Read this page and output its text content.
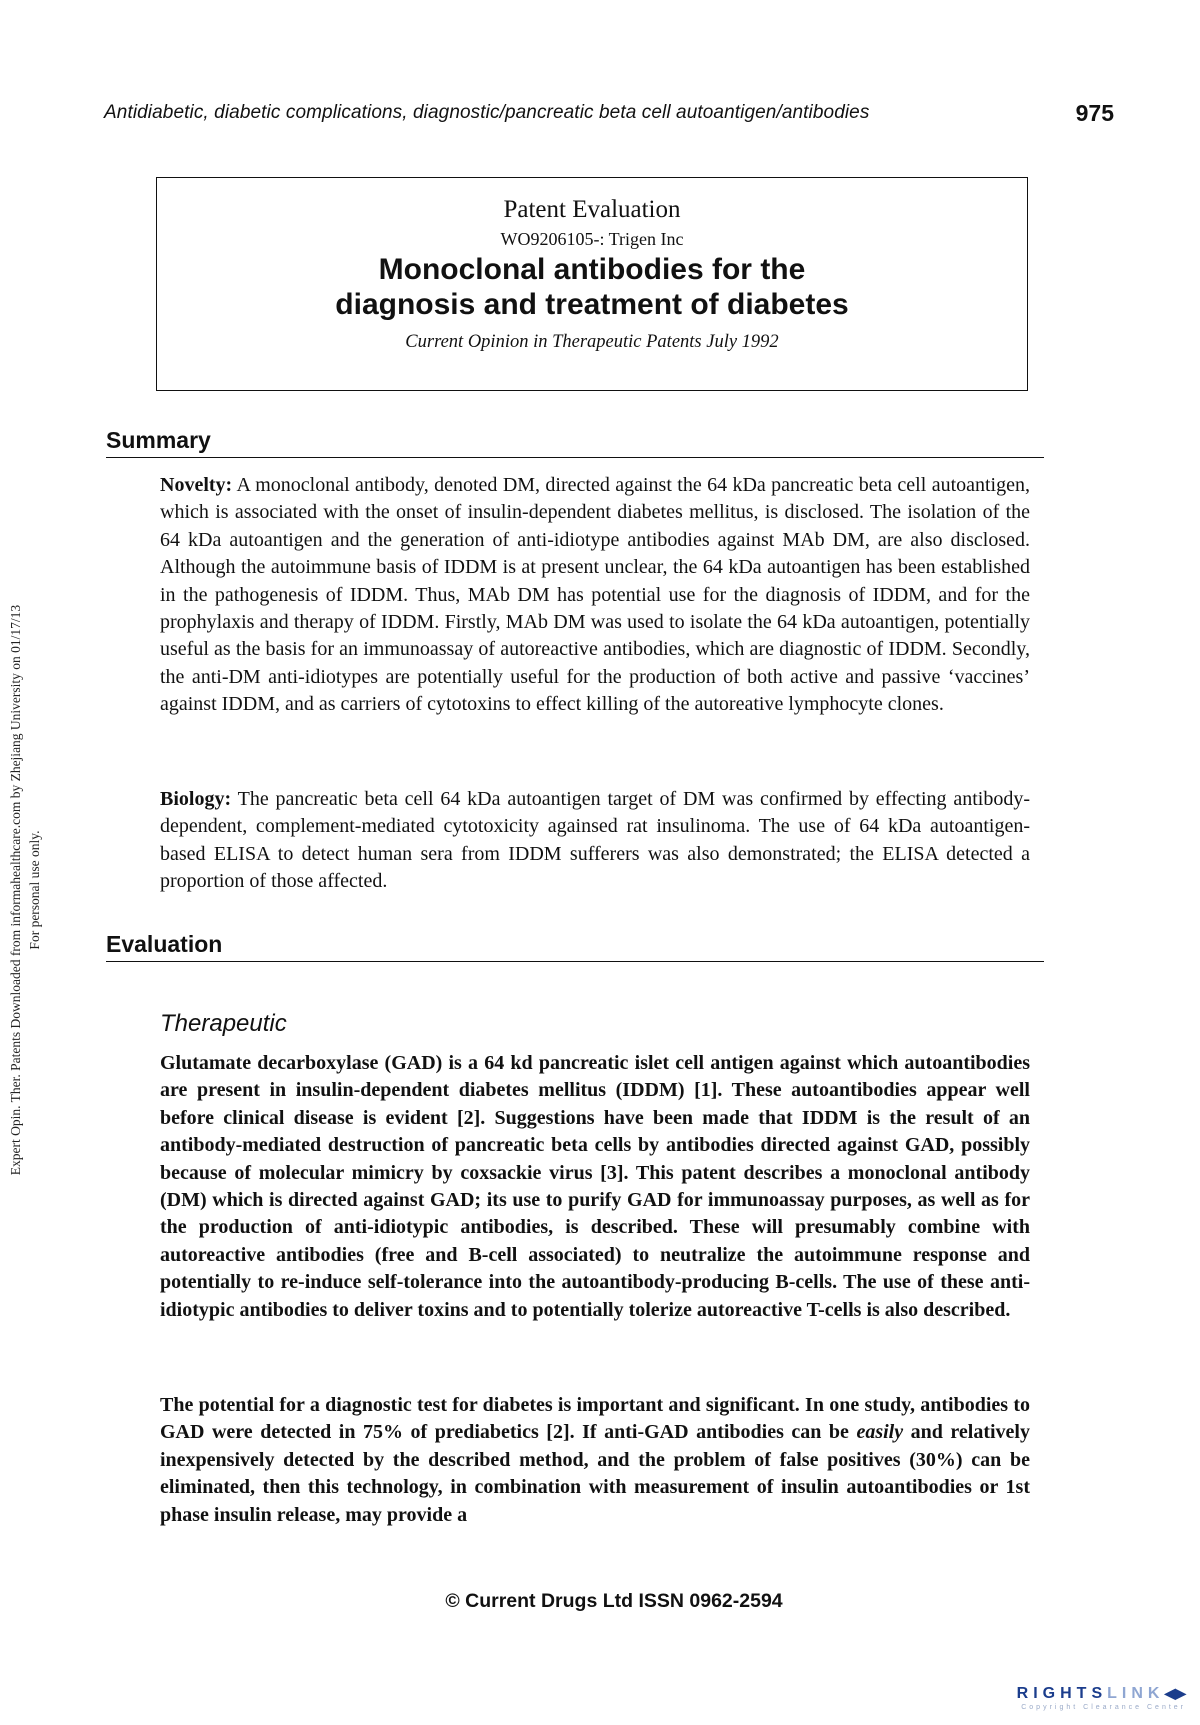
Antidiabetic, diabetic complications, diagnostic/pancreatic beta cell autoantigen/antibodies	975
Expert Opin. Ther. Patents Downloaded from informahealthcare.com by Zhejiang University on 01/17/13 For personal use only.
Patent Evaluation
WO9206105-: Trigen Inc
Monoclonal antibodies for the
diagnosis and treatment of diabetes
Current Opinion in Therapeutic Patents July 1992
Summary

Novelty: A monoclonal antibody, denoted DM, directed against the 64 kDa pancreatic beta cell autoantigen, which is associated with the onset of insulin-dependent diabetes mellitus, is disclosed. The isolation of the 64 kDa autoantigen and the generation of anti-idiotype antibodies against MAb DM, are also disclosed. Although the autoimmune basis of IDDM is at present unclear, the 64 kDa autoantigen has been established in the pathogenesis of IDDM. Thus, MAb DM has potential use for the diagnosis of IDDM, and for the prophylaxis and therapy of IDDM. Firstly, MAb DM was used to isolate the 64 kDa autoantigen, potentially useful as the basis for an immunoassay of autoreactive antibodies, which are diagnostic of IDDM. Secondly, the anti-DM anti-idiotypes are potentially useful for the production of both active and passive ‘vaccines’ against IDDM, and as carriers of cytotoxins to effect killing of the autoreative lymphocyte clones.

Biology: The pancreatic beta cell 64 kDa autoantigen target of DM was confirmed by effecting antibody-dependent, complement-mediated cytotoxicity againsed rat insulinoma. The use of 64 kDa autoantigen-based ELISA to detect human sera from IDDM sufferers was also demonstrated; the ELISA detected a proportion of those affected.

Evaluation
Therapeutic

Glutamate decarboxylase (GAD) is a 64 kd pancreatic islet cell antigen against which autoantibodies are present in insulin-dependent diabetes mellitus (IDDM) [1]. These autoantibodies appear well before clinical disease is evident [2]. Suggestions have been made that IDDM is the result of an antibody-mediated destruction of pancreatic beta cells by antibodies directed against GAD, possibly because of molecular mimicry by coxsackie virus [3]. This patent describes a monoclonal antibody (DM) which is directed against GAD; its use to purify GAD for immunoassay purposes, as well as for the production of anti-idiotypic antibodies, is described. These will presumably combine with autoreactive antibodies (free and B-cell associated) to neutralize the autoimmune response and potentially to re-induce self-tolerance into the autoantibody-producing B-cells. The use of these anti-idiotypic antibodies to deliver toxins and to potentially tolerize autoreactive T-cells is also described.

The potential for a diagnostic test for diabetes is important and significant. In one study, antibodies to GAD were detected in 75% of prediabetics [2]. If anti-GAD antibodies can be easily and relatively inexpensively detected by the described method, and the problem of false positives (30%) can be eliminated, then this technology, in combination with measurement of insulin autoantibodies or 1st phase insulin release, may provide a

© Current Drugs Ltd ISSN 0962-2594
RIGHTSLINK◀▶
Copyright Clearance Center
